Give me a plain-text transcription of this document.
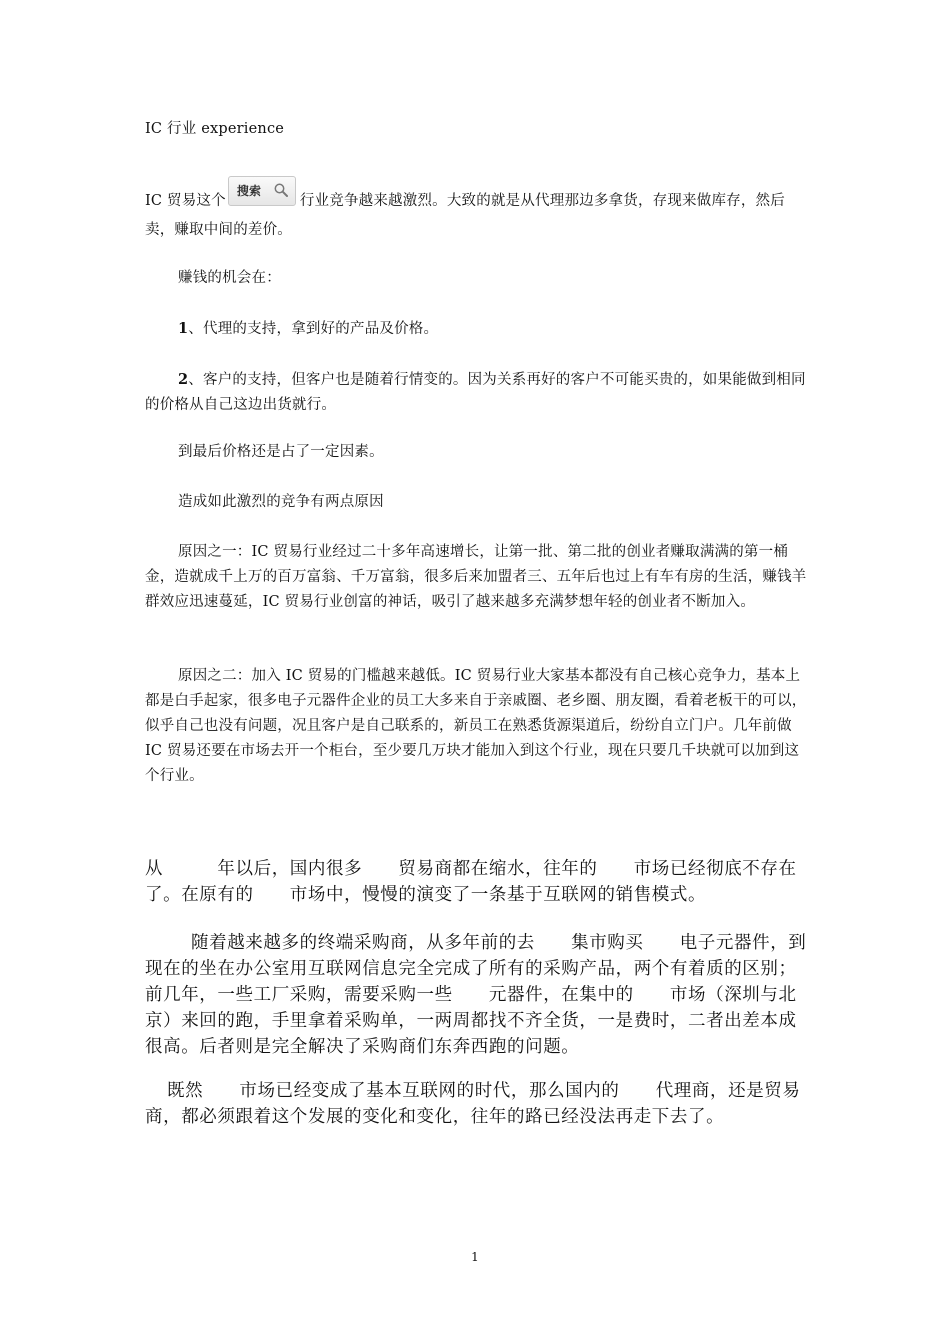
IC 行业 experience
IC 贸易这个搜索
行业竞争越来越激烈。大致的就是从代理那边多拿货，存现来做库存，然后卖，赚取中间的差价。
赚钱的机会在：
1、代理的支持，拿到好的产品及价格。
2、客户的支持，但客户也是随着行情变的。因为关系再好的客户不可能买贵的，如果能做到相同的价格从自己这边出货就行。
到最后价格还是占了一定因素。
造成如此激烈的竞争有两点原因
原因之一：IC 贸易行业经过二十多年高速增长，让第一批、第二批的创业者赚取满满的第一桶金，造就成千上万的百万富翁、千万富翁，很多后来加盟者三、五年后也过上有车有房的生活，赚钱羊群效应迅速蔓延，IC 贸易行业创富的神话，吸引了越来越多充满梦想年轻的创业者不断加入。
原因之二：加入 IC 贸易的门槛越来越低。IC 贸易行业大家基本都没有自己核心竞争力，基本上都是白手起家，很多电子元器件企业的员工大多来自于亲戚圈、老乡圈、朋友圈，看着老板干的可以，似乎自己也没有问题，况且客户是自己联系的，新员工在熟悉货源渠道后，纷纷自立门户。几年前做 IC 贸易还要在市场去开一个柜台，至少要几万块才能加入到这个行业，现在只要几千块就可以加到这个行业。
从　　　年以后，国内很多　　贸易商都在缩水，往年的　　市场已经彻底不存在了。在原有的　　市场中，慢慢的演变了一条基于互联网的销售模式。
随着越来越多的终端采购商，从多年前的去　　集市购买　　电子元器件，到现在的坐在办公室用互联网信息完全完成了所有的采购产品，两个有着质的区别；前几年，一些工厂采购，需要采购一些　　元器件，在集中的　　市场（深圳与北京）来回的跑，手里拿着采购单，一两周都找不齐全货，一是费时，二者出差本成很高。后者则是完全解决了采购商们东奔西跑的问题。
既然　　市场已经变成了基本互联网的时代，那么国内的　　代理商，还是贸易商，都必须跟着这个发展的变化和变化，往年的路已经没法再走下去了。
1
